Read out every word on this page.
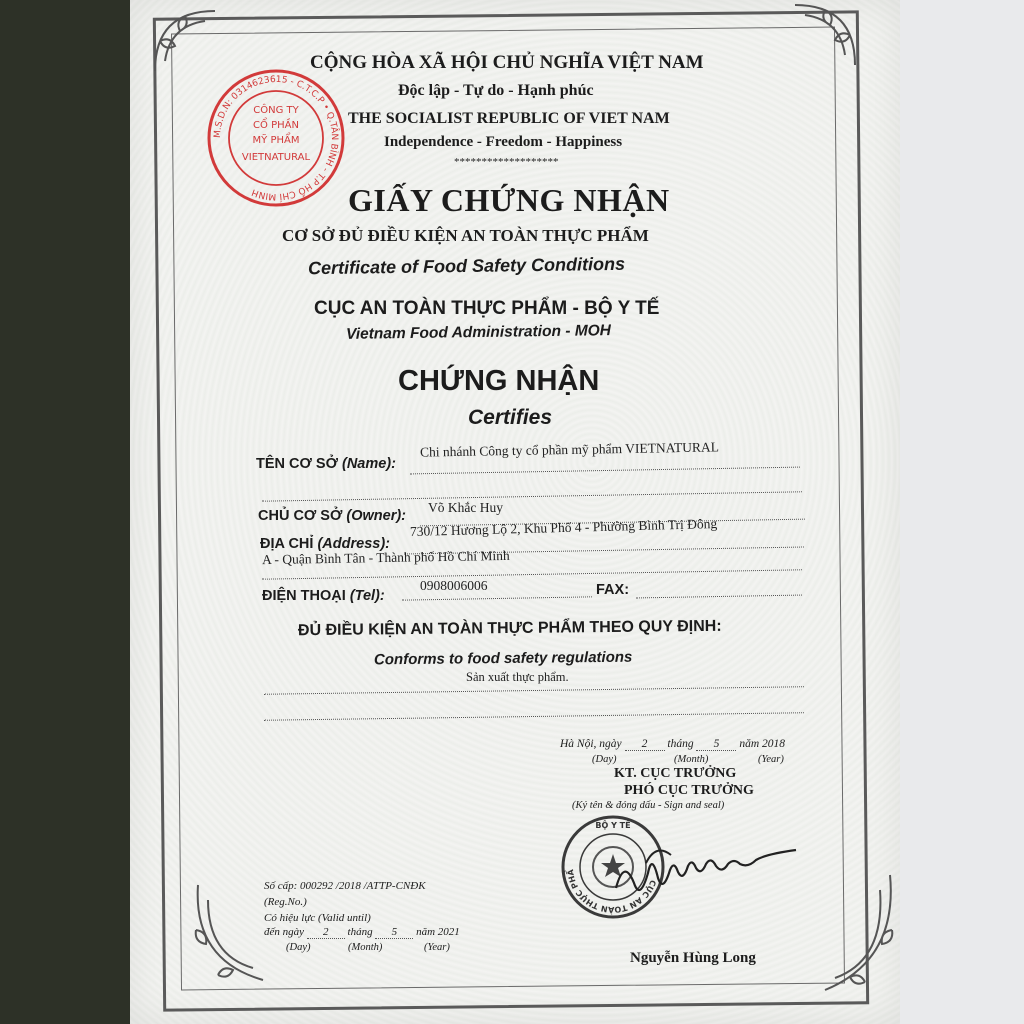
CỘNG HÒA XÃ HỘI CHỦ NGHĨA VIỆT NAM
Độc lập - Tự do - Hạnh phúc
THE SOCIALIST REPUBLIC OF VIET NAM
Independence - Freedom - Happiness
*******************
GIẤY CHỨNG NHẬN
CƠ SỞ ĐỦ ĐIỀU KIỆN AN TOÀN THỰC PHẨM
Certificate of Food Safety Conditions
CỤC AN TOÀN THỰC PHẨM - BỘ Y TẾ
Vietnam Food Administration - MOH
CHỨNG NHẬN
Certifies
TÊN CƠ SỞ (Name):
Chi nhánh Công ty cổ phần mỹ phẩm VIETNATURAL
CHỦ CƠ SỞ (Owner):
Võ Khắc Huy
ĐỊA CHỈ (Address):
730/12 Hương Lộ 2, Khu Phố 4 - Phường Bình Trị Đông
A - Quận Bình Tân - Thành phố Hồ Chí Minh
ĐIỆN THOẠI (Tel):
0908006006	FAX:
ĐỦ ĐIỀU KIỆN AN TOÀN THỰC PHẨM THEO QUY ĐỊNH:
Conforms to food safety regulations
Sản xuất thực phẩm.
Hà Nội, ngày 2 tháng 5 năm 2018
(Day)	(Month)	(Year)
KT. CỤC TRƯỞNG
PHÓ CỤC TRƯỞNG
(Ký tên & đóng dấu - Sign and seal)
CỤC AN TOÀN THỰC PHẨ
BỘ Y TẾ
Nguyễn Hùng Long
Số cấp: 000292 /2018 /ATTP-CNĐK
(Reg.No.)
Có hiệu lực (Valid until)
đến ngày 2 tháng 5 năm 2021
(Day)	(Month)	(Year)
M.S.D.N: 0314623615 - C.T.C.P • Q.TÂN BÌNH - T.P HỒ CHÍ MINH
CÔNG TY
CỔ PHẦN
MỸ PHẨM
VIETNATURAL
